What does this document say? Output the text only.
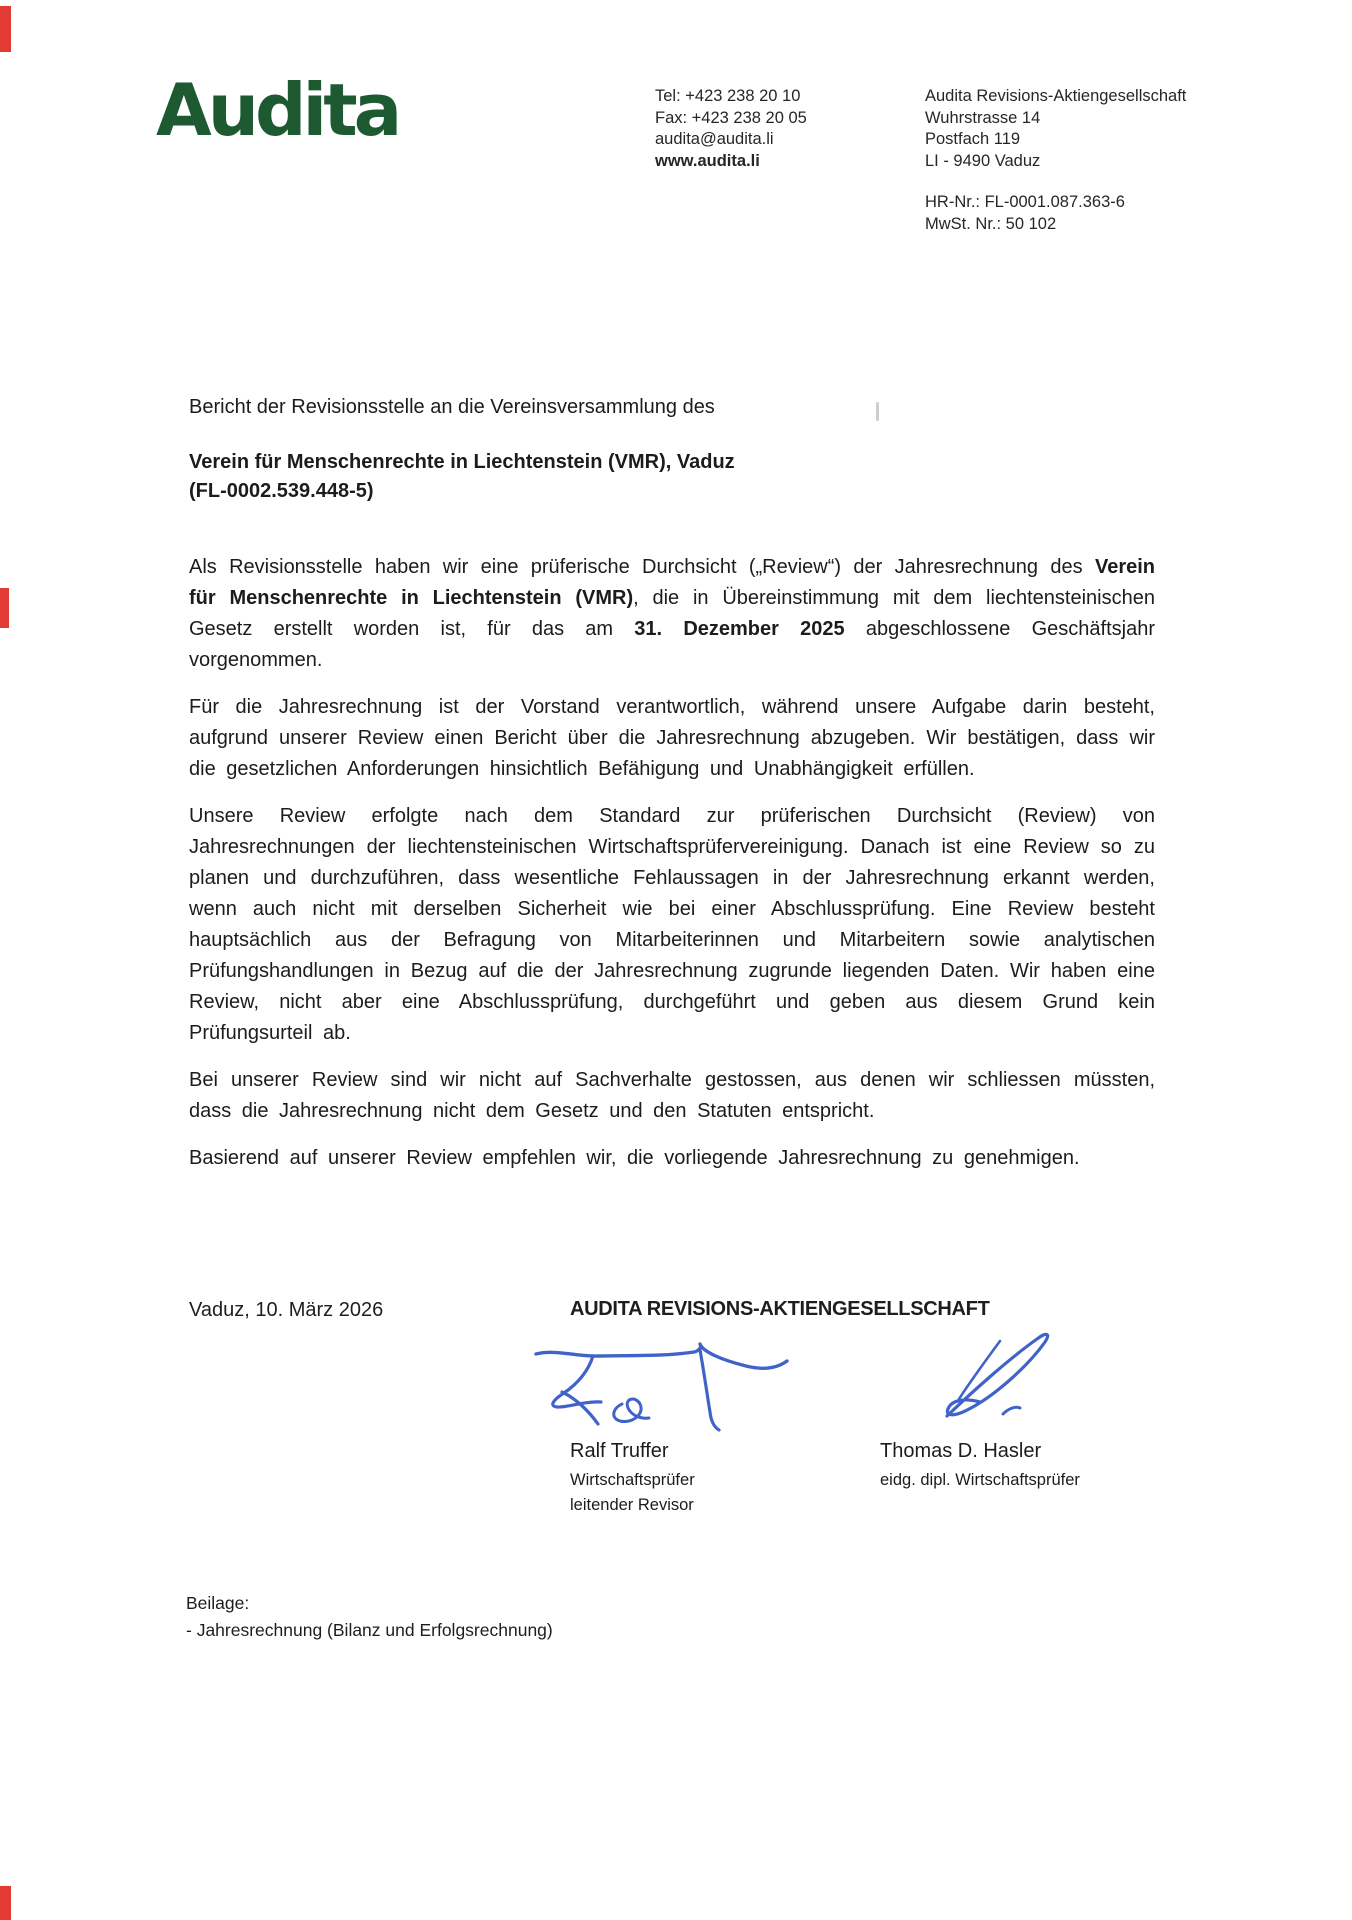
Audita	Tel: +423 238 20 10
Fax: +423 238 20 05
audita@audita.li
www.audita.li
Audita Revisions-Aktiengesellschaft
Wuhrstrasse 14
Postfach 119
LI - 9490 Vaduz
HR-Nr.: FL-0001.087.363-6
MwSt. Nr.: 50 102
Bericht der Revisionsstelle an die Vereinsversammlung des
Verein für Menschenrechte in Liechtenstein (VMR), Vaduz
(FL-0002.539.448-5)

Als Revisionsstelle haben wir eine prüferische Durchsicht („Review“) der Jahresrechnung des Verein für Menschenrechte in Liechtenstein (VMR), die in Übereinstimmung mit dem liechtensteinischen Gesetz erstellt worden ist, für das am 31. Dezember 2025 abgeschlossene Geschäftsjahr vorgenommen.

Für die Jahresrechnung ist der Vorstand verantwortlich, während unsere Aufgabe darin besteht, aufgrund unserer Review einen Bericht über die Jahresrechnung abzugeben. Wir bestätigen, dass wir die gesetzlichen Anforderungen hinsichtlich Befähigung und Unabhängigkeit erfüllen.

Unsere Review erfolgte nach dem Standard zur prüferischen Durchsicht (Review) von Jahresrechnungen der liechtensteinischen Wirtschaftsprüfervereinigung. Danach ist eine Review so zu planen und durchzuführen, dass wesentliche Fehlaussagen in der Jahresrechnung erkannt werden, wenn auch nicht mit derselben Sicherheit wie bei einer Abschlussprüfung. Eine Review besteht hauptsächlich aus der Befragung von Mitarbeiterinnen und Mitarbeitern sowie analytischen Prüfungshandlungen in Bezug auf die der Jahresrechnung zugrunde liegenden Daten. Wir haben eine Review, nicht aber eine Abschlussprüfung, durchgeführt und geben aus diesem Grund kein Prüfungsurteil ab.

Bei unserer Review sind wir nicht auf Sachverhalte gestossen, aus denen wir schliessen müssten, dass die Jahresrechnung nicht dem Gesetz und den Statuten entspricht.

Basierend auf unserer Review empfehlen wir, die vorliegende Jahresrechnung zu genehmigen.

Vaduz, 10. März 2026	AUDITA REVISIONS-AKTIENGESELLSCHAFT
Ralf Truffer
Wirtschaftsprüfer
leitender Revisor
Thomas D. Hasler
eidg. dipl. Wirtschaftsprüfer
Beilage:
- Jahresrechnung (Bilanz und Erfolgsrechnung)
